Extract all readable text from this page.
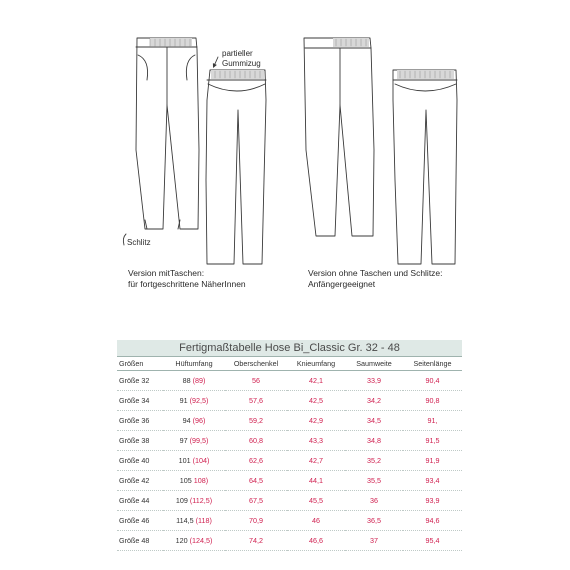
partieller
Gummizug
Schlitz
Version mitTaschen:
für fortgeschrittene NäherInnen
Version ohne Taschen und Schlitze:
Anfängergeeignet
Fertigmaßtabelle Hose Bi_Classic Gr. 32 - 48					
Größen	Hüftumfang	Oberschenkel	Knieumfang	Saumweite	Seitenlänge
Größe 32	88 (89)	56	42,1	33,9	90,4
Größe 34	91 (92,5)	57,6	42,5	34,2	90,8
Größe 36	94 (96)	59,2	42,9	34,5	91,
Größe 38	97 (99,5)	60,8	43,3	34,8	91,5
Größe 40	101 (104)	62,6	42,7	35,2	91,9
Größe 42	105 108)	64,5	44,1	35,5	93,4
Größe 44	109 (112,5)	67,5	45,5	36	93,9
Größe 46	114,5 (118)	70,9	46	36,5	94,6
Größe 48	120 (124,5)	74,2	46,6	37	95,4
